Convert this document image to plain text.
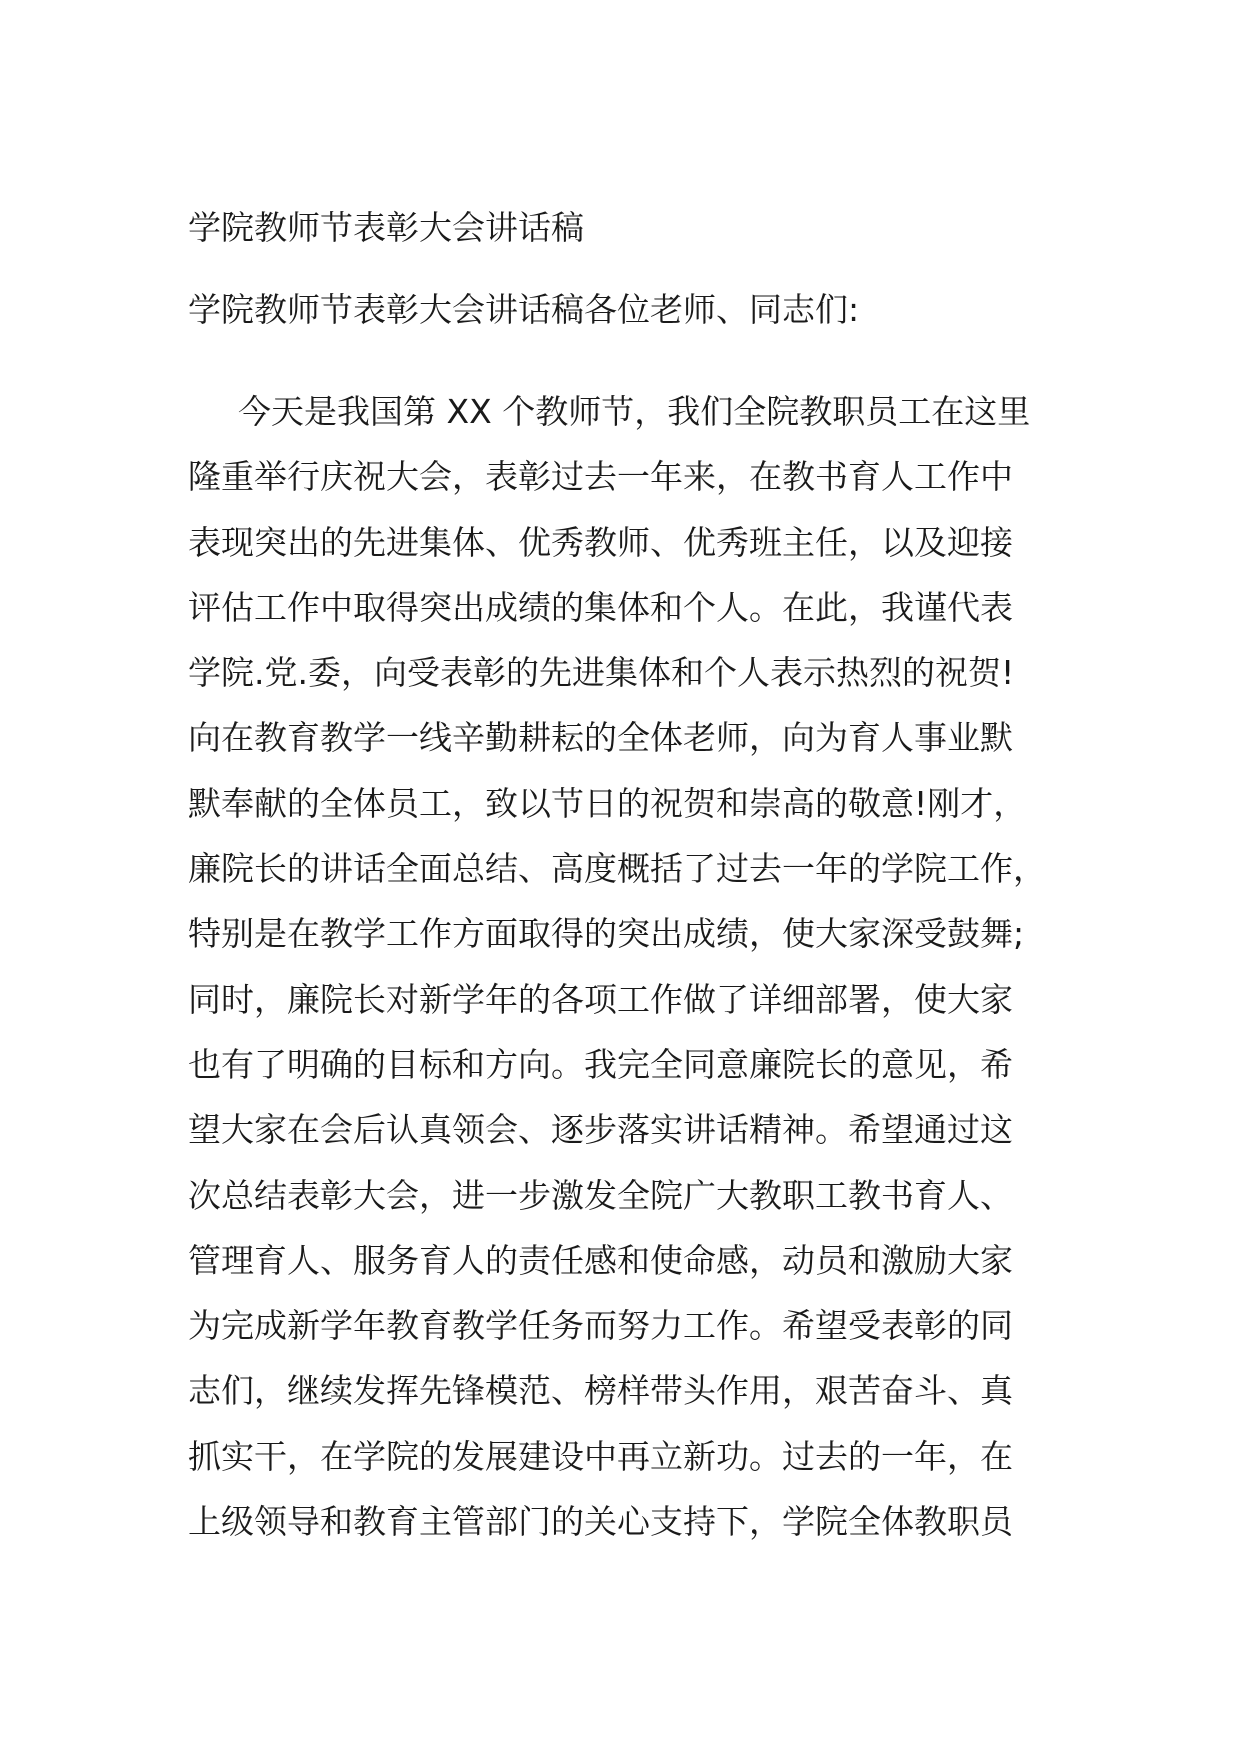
学院教师节表彰大会讲话稿

学院教师节表彰大会讲话稿各位老师、同志们:

今天是我国第 XX 个教师节，我们全院教职员工在这里
隆重举行庆祝大会，表彰过去一年来，在教书育人工作中
表现突出的先进集体、优秀教师、优秀班主任，以及迎接
评估工作中取得突出成绩的集体和个人。在此，我谨代表
学院.党.委，向受表彰的先进集体和个人表示热烈的祝贺!
向在教育教学一线辛勤耕耘的全体老师，向为育人事业默
默奉献的全体员工，致以节日的祝贺和崇高的敬意!刚才，
廉院长的讲话全面总结、高度概括了过去一年的学院工作，
特别是在教学工作方面取得的突出成绩，使大家深受鼓舞;
同时，廉院长对新学年的各项工作做了详细部署，使大家
也有了明确的目标和方向。我完全同意廉院长的意见，希
望大家在会后认真领会、逐步落实讲话精神。希望通过这
次总结表彰大会，进一步激发全院广大教职工教书育人、
管理育人、服务育人的责任感和使命感，动员和激励大家
为完成新学年教育教学任务而努力工作。希望受表彰的同
志们，继续发挥先锋模范、榜样带头作用，艰苦奋斗、真
抓实干，在学院的发展建设中再立新功。过去的一年，在
上级领导和教育主管部门的关心支持下，学院全体教职员
